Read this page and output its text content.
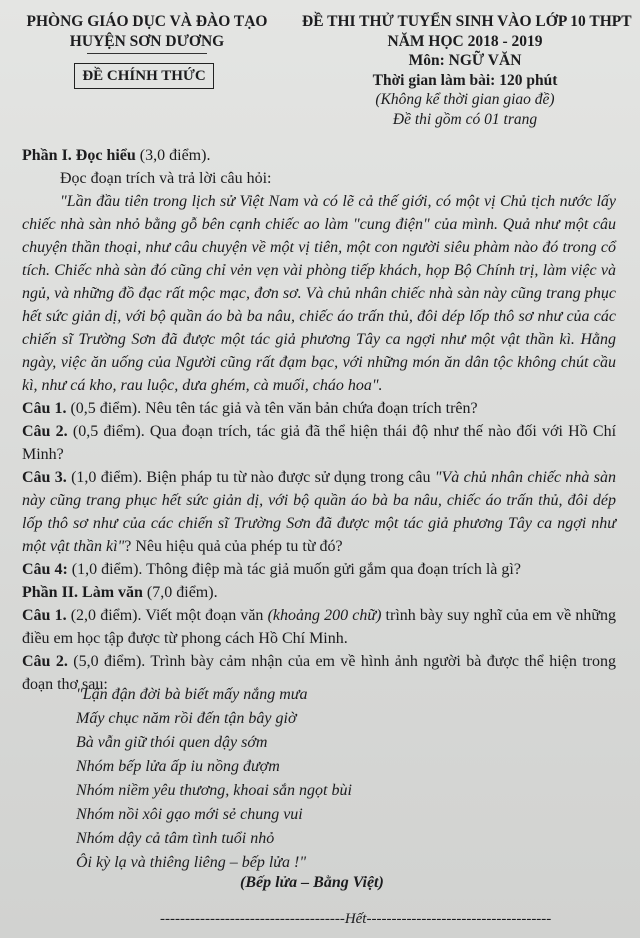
PHÒNG GIÁO DỤC VÀ ĐÀO TẠO
HUYỆN SƠN DƯƠNG
ĐỀ CHÍNH THỨC
ĐỀ THI THỬ TUYỂN SINH VÀO LỚP 10 THPT
NĂM HỌC 2018 - 2019
Môn: NGỮ VĂN
Thời gian làm bài: 120 phút
(Không kể thời gian giao đề)
Đề thi gồm có 01 trang

Phần I. Đọc hiểu (3,0 điểm).

Đọc đoạn trích và trả lời câu hỏi:

"Lần đầu tiên trong lịch sử Việt Nam và có lẽ cả thế giới, có một vị Chủ tịch nước lấy chiếc nhà sàn nhỏ bằng gỗ bên cạnh chiếc ao làm "cung điện" của mình. Quả như một câu chuyện thần thoại, như câu chuyện về một vị tiên, một con người siêu phàm nào đó trong cổ tích. Chiếc nhà sàn đó cũng chỉ vẻn vẹn vài phòng tiếp khách, họp Bộ Chính trị, làm việc và ngủ, và những đồ đạc rất mộc mạc, đơn sơ. Và chủ nhân chiếc nhà sàn này cũng trang phục hết sức giản dị, với bộ quần áo bà ba nâu, chiếc áo trấn thủ, đôi dép lốp thô sơ như của các chiến sĩ Trường Sơn đã được một tác giả phương Tây ca ngợi như một vật thần kì. Hằng ngày, việc ăn uống của Người cũng rất đạm bạc, với những món ăn dân tộc không chút cầu kì, như cá kho, rau luộc, dưa ghém, cà muối, cháo hoa".

Câu 1. (0,5 điểm). Nêu tên tác giả và tên văn bản chứa đoạn trích trên?

Câu 2. (0,5 điểm). Qua đoạn trích, tác giả đã thể hiện thái độ như thế nào đối với Hồ Chí Minh?

Câu 3. (1,0 điểm). Biện pháp tu từ nào được sử dụng trong câu "Và chủ nhân chiếc nhà sàn này cũng trang phục hết sức giản dị, với bộ quần áo bà ba nâu, chiếc áo trấn thủ, đôi dép lốp thô sơ như của các chiến sĩ Trường Sơn đã được một tác giả phương Tây ca ngợi như một vật thần kì"? Nêu hiệu quả của phép tu từ đó?

Câu 4: (1,0 điểm). Thông điệp mà tác giả muốn gửi gắm qua đoạn trích là gì?

Phần II. Làm văn (7,0 điểm).

Câu 1. (2,0 điểm). Viết một đoạn văn (khoảng 200 chữ) trình bày suy nghĩ của em về những điều em học tập được từ phong cách Hồ Chí Minh.

Câu 2. (5,0 điểm). Trình bày cảm nhận của em về hình ảnh người bà được thể hiện trong đoạn thơ sau:

"Lận đận đời bà biết mấy nắng mưa
Mấy chục năm rồi đến tận bây giờ
Bà vẫn giữ thói quen dậy sớm
Nhóm bếp lửa ấp iu nồng đượm
Nhóm niềm yêu thương, khoai sắn ngọt bùi
Nhóm nồi xôi gạo mới sẻ chung vui
Nhóm dậy cả tâm tình tuổi nhỏ
Ôi kỳ lạ và thiêng liêng – bếp lửa !"
(Bếp lửa – Bằng Việt)
-------------------------------------Hết-------------------------------------
